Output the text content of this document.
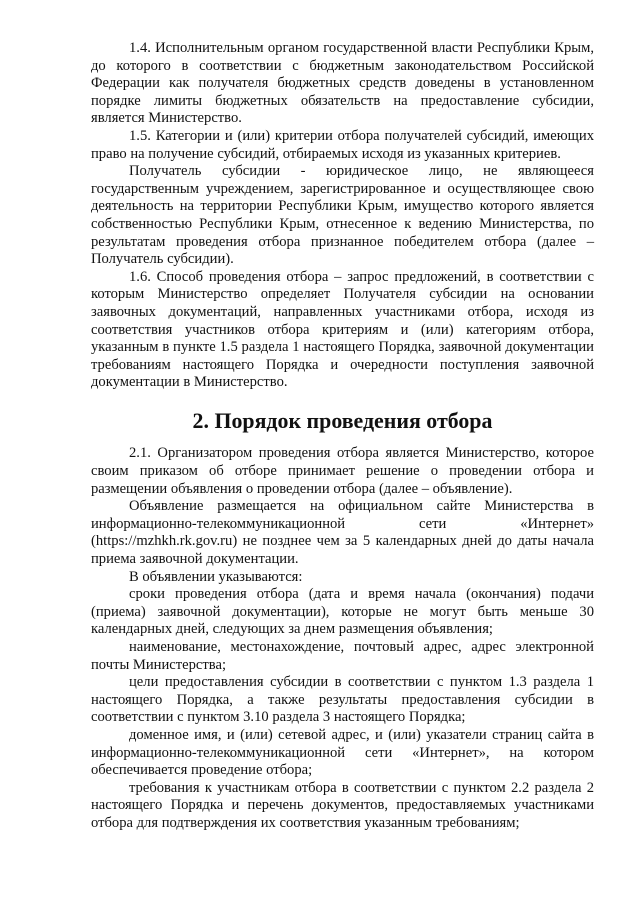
1.4. Исполнительным органом государственной власти Республики Крым, до которого в соответствии с бюджетным законодательством Российской Федерации как получателя бюджетных средств доведены в установленном порядке лимиты бюджетных обязательств на предоставление субсидии, является Министерство.

1.5. Категории и (или) критерии отбора получателей субсидий, имеющих право на получение субсидий, отбираемых исходя из указанных критериев.

Получатель субсидии - юридическое лицо, не являющееся государственным учреждением, зарегистрированное и осуществляющее свою деятельность на территории Республики Крым, имущество которого является собственностью Республики Крым, отнесенное к ведению Министерства, по результатам проведения отбора признанное победителем отбора (далее – Получатель субсидии).

1.6. Способ проведения отбора – запрос предложений, в соответствии с которым Министерство определяет Получателя субсидии на основании заявочных документаций, направленных участниками отбора, исходя из соответствия участников отбора критериям и (или) категориям отбора, указанным в пункте 1.5 раздела 1 настоящего Порядка, заявочной документации требованиям настоящего Порядка и очередности поступления заявочной документации в Министерство.

2. Порядок проведения отбора

2.1. Организатором проведения отбора является Министерство, которое своим приказом об отборе принимает решение о проведении отбора и размещении объявления о проведении отбора (далее – объявление).

Объявление размещается на официальном сайте Министерства в информационно-телекоммуникационной сети «Интернет» (https://mzhkh.rk.gov.ru) не позднее чем за 5 календарных дней до даты начала приема заявочной документации.

В объявлении указываются:

сроки проведения отбора (дата и время начала (окончания) подачи (приема) заявочной документации), которые не могут быть меньше 30 календарных дней, следующих за днем размещения объявления;

наименование, местонахождение, почтовый адрес, адрес электронной почты Министерства;

цели предоставления субсидии в соответствии с пунктом 1.3 раздела 1 настоящего Порядка, а также результаты предоставления субсидии в соответствии с пунктом 3.10 раздела 3 настоящего Порядка;

доменное имя, и (или) сетевой адрес, и (или) указатели страниц сайта в информационно-телекоммуникационной сети «Интернет», на котором обеспечивается проведение отбора;

требования к участникам отбора в соответствии с пунктом 2.2 раздела 2 настоящего Порядка и перечень документов, предоставляемых участниками отбора для подтверждения их соответствия указанным требованиям;
